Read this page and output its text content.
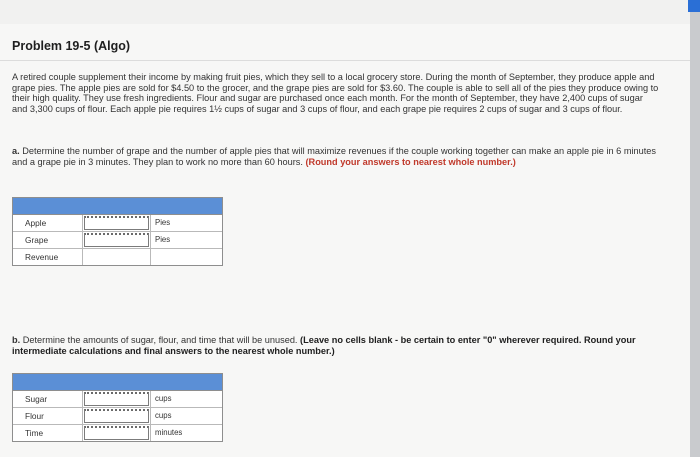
Problem 19-5 (Algo)

A retired couple supplement their income by making fruit pies, which they sell to a local grocery store. During the month of September, they produce apple and grape pies. The apple pies are sold for $4.50 to the grocer, and the grape pies are sold for $3.60. The couple is able to sell all of the pies they produce owing to their high quality. They use fresh ingredients. Flour and sugar are purchased once each month. For the month of September, they have 2,400 cups of sugar and 3,300 cups of flour. Each apple pie requires 1½ cups of sugar and 3 cups of flour, and each grape pie requires 2 cups of sugar and 3 cups of flour.

a. Determine the number of grape and the number of apple pies that will maximize revenues if the couple working together can make an apple pie in 6 minutes and a grape pie in 3 minutes. They plan to work no more than 60 hours. (Round your answers to nearest whole number.)

Apple	Pies
Grape	Pies
Revenue

b. Determine the amounts of sugar, flour, and time that will be unused. (Leave no cells blank - be certain to enter "0" wherever required. Round your intermediate calculations and final answers to the nearest whole number.)

Sugar	cups
Flour	cups
Time	minutes
